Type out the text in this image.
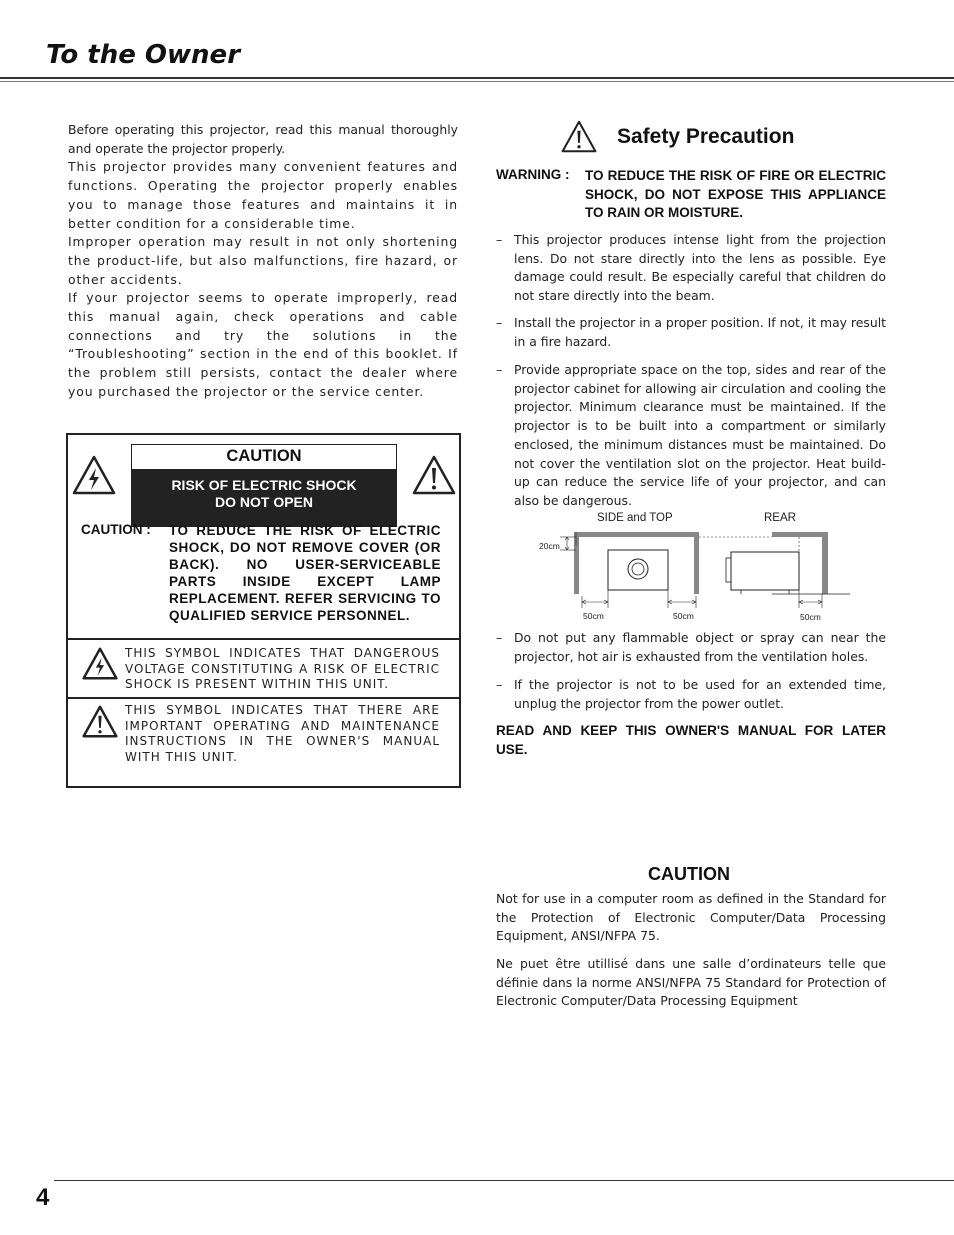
To the Owner

Before operating this projector, read this manual thoroughly and operate the projector properly.

This projector provides many convenient features and functions. Operating the projector properly enables you to manage those features and maintains it in better condition for a considerable time.

Improper operation may result in not only shortening the product-life, but also malfunctions, fire hazard, or other accidents.

If your projector seems to operate improperly, read this manual again, check operations and cable connections and try the solutions in the “Troubleshooting” section in the end of this booklet. If the problem still persists, contact the dealer where you purchased the projector or the service center.

CAUTION
RISK OF ELECTRIC SHOCK
DO NOT OPEN
CAUTION : TO REDUCE THE RISK OF ELECTRIC SHOCK, DO NOT REMOVE COVER (OR BACK). NO USER-SERVICEABLE PARTS INSIDE EXCEPT LAMP REPLACEMENT. REFER SERVICING TO QUALIFIED SERVICE PERSONNEL.
THIS SYMBOL INDICATES THAT DANGEROUS VOLTAGE CONSTITUTING A RISK OF ELECTRIC SHOCK IS PRESENT WITHIN THIS UNIT.
THIS SYMBOL INDICATES THAT THERE ARE IMPORTANT OPERATING AND MAINTENANCE INSTRUCTIONS IN THE OWNER'S MANUAL WITH THIS UNIT.
Safety Precaution
WARNING : TO REDUCE THE RISK OF FIRE OR ELECTRIC SHOCK, DO NOT EXPOSE THIS APPLIANCE TO RAIN OR MOISTURE.
– This projector produces intense light from the projection lens. Do not stare directly into the lens as possible. Eye damage could result. Be especially careful that children do not stare directly into the beam.
– Install the projector in a proper position. If not, it may result in a fire hazard.
– Provide appropriate space on the top, sides and rear of the projector cabinet for allowing air circulation and cooling the projector. Minimum clearance must be maintained. If the projector is to be built into a compartment or similarly enclosed, the minimum distances must be maintained. Do not cover the ventilation slot on the projector. Heat build-up can reduce the service life of your projector, and can also be dangerous.
SIDE and TOP	REAR
20cm
50cm	50cm	50cm
– Do not put any flammable object or spray can near the projector, hot air is exhausted from the ventilation holes.
– If the projector is not to be used for an extended time, unplug the projector from the power outlet.
READ AND KEEP THIS OWNER'S MANUAL FOR LATER USE.
CAUTION
Not for use in a computer room as defined in the Standard for the Protection of Electronic Computer/Data Processing Equipment, ANSI/NFPA 75.
Ne puet être utillisé dans une salle d’ordinateurs telle que définie dans la norme ANSI/NFPA 75 Standard for Protection of Electronic Computer/Data Processing Equipment
4
